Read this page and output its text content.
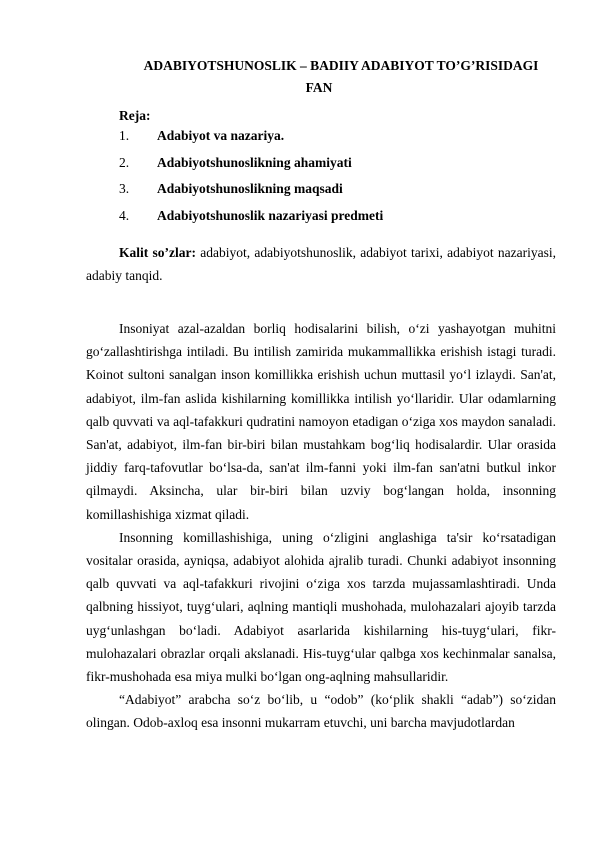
ADABIYOTSHUNOSLIK – BADIIY ADABIYOT TO’G’RISIDAGI
FAN
Reja:
1. Adabiyot va nazariya.
2. Adabiyotshunoslikning ahamiyati
3. Adabiyotshunoslikning maqsadi
4. Adabiyotshunoslik nazariyasi predmeti
Kalit so’zlar: adabiyot, adabiyotshunoslik, adabiyot tarixi, adabiyot nazariyasi, adabiy tanqid.

Insoniyat azal-azaldan borliq hodisalarini bilish, o‘zi yashayotgan muhitni go‘zallashtirishga intiladi. Bu intilish zamirida mukammallikka erishish istagi turadi. Koinot sultoni sanalgan inson komillikka erishish uchun muttasil yo‘l izlaydi. San'at, adabiyot, ilm-fan aslida kishilarning komillikka intilish yo‘llaridir. Ular odamlarning qalb quvvati va aql-tafakkuri qudratini namoyon etadigan o‘ziga xos maydon sanaladi. San'at, adabiyot, ilm-fan bir-biri bilan mustahkam bog‘liq hodisalardir. Ular orasida jiddiy farq-tafovutlar bo‘lsa-da, san'at ilm-fanni yoki ilm-fan san'atni butkul inkor qilmaydi. Aksincha, ular bir-biri bilan uzviy bog‘langan holda, insonning komillashishiga xizmat qiladi.

Insonning komillashishiga, uning o‘zligini anglashiga ta'sir ko‘rsatadigan vositalar orasida, ayniqsa, adabiyot alohida ajralib turadi. Chunki adabiyot insonning qalb quvvati va aql-tafakkuri rivojini o‘ziga xos tarzda mujassamlashtiradi. Unda qalbning hissiyot, tuyg‘ulari, aqlning mantiqli mushohada, mulohazalari ajoyib tarzda uyg‘unlashgan bo‘ladi. Adabiyot asarlarida kishilarning his-tuyg‘ulari, fikr-mulohazalari obrazlar orqali akslanadi. His-tuyg‘ular qalbga xos kechinmalar sanalsa, fikr-mushohada esa miya mulki bo‘lgan ong-aqlning mahsullaridir.

“Adabiyot” arabcha so‘z bo‘lib, u “odob” (ko‘plik shakli “adab”) so‘zidan olingan. Odob-axloq esa insonni mukarram etuvchi, uni barcha mavjudotlardan
